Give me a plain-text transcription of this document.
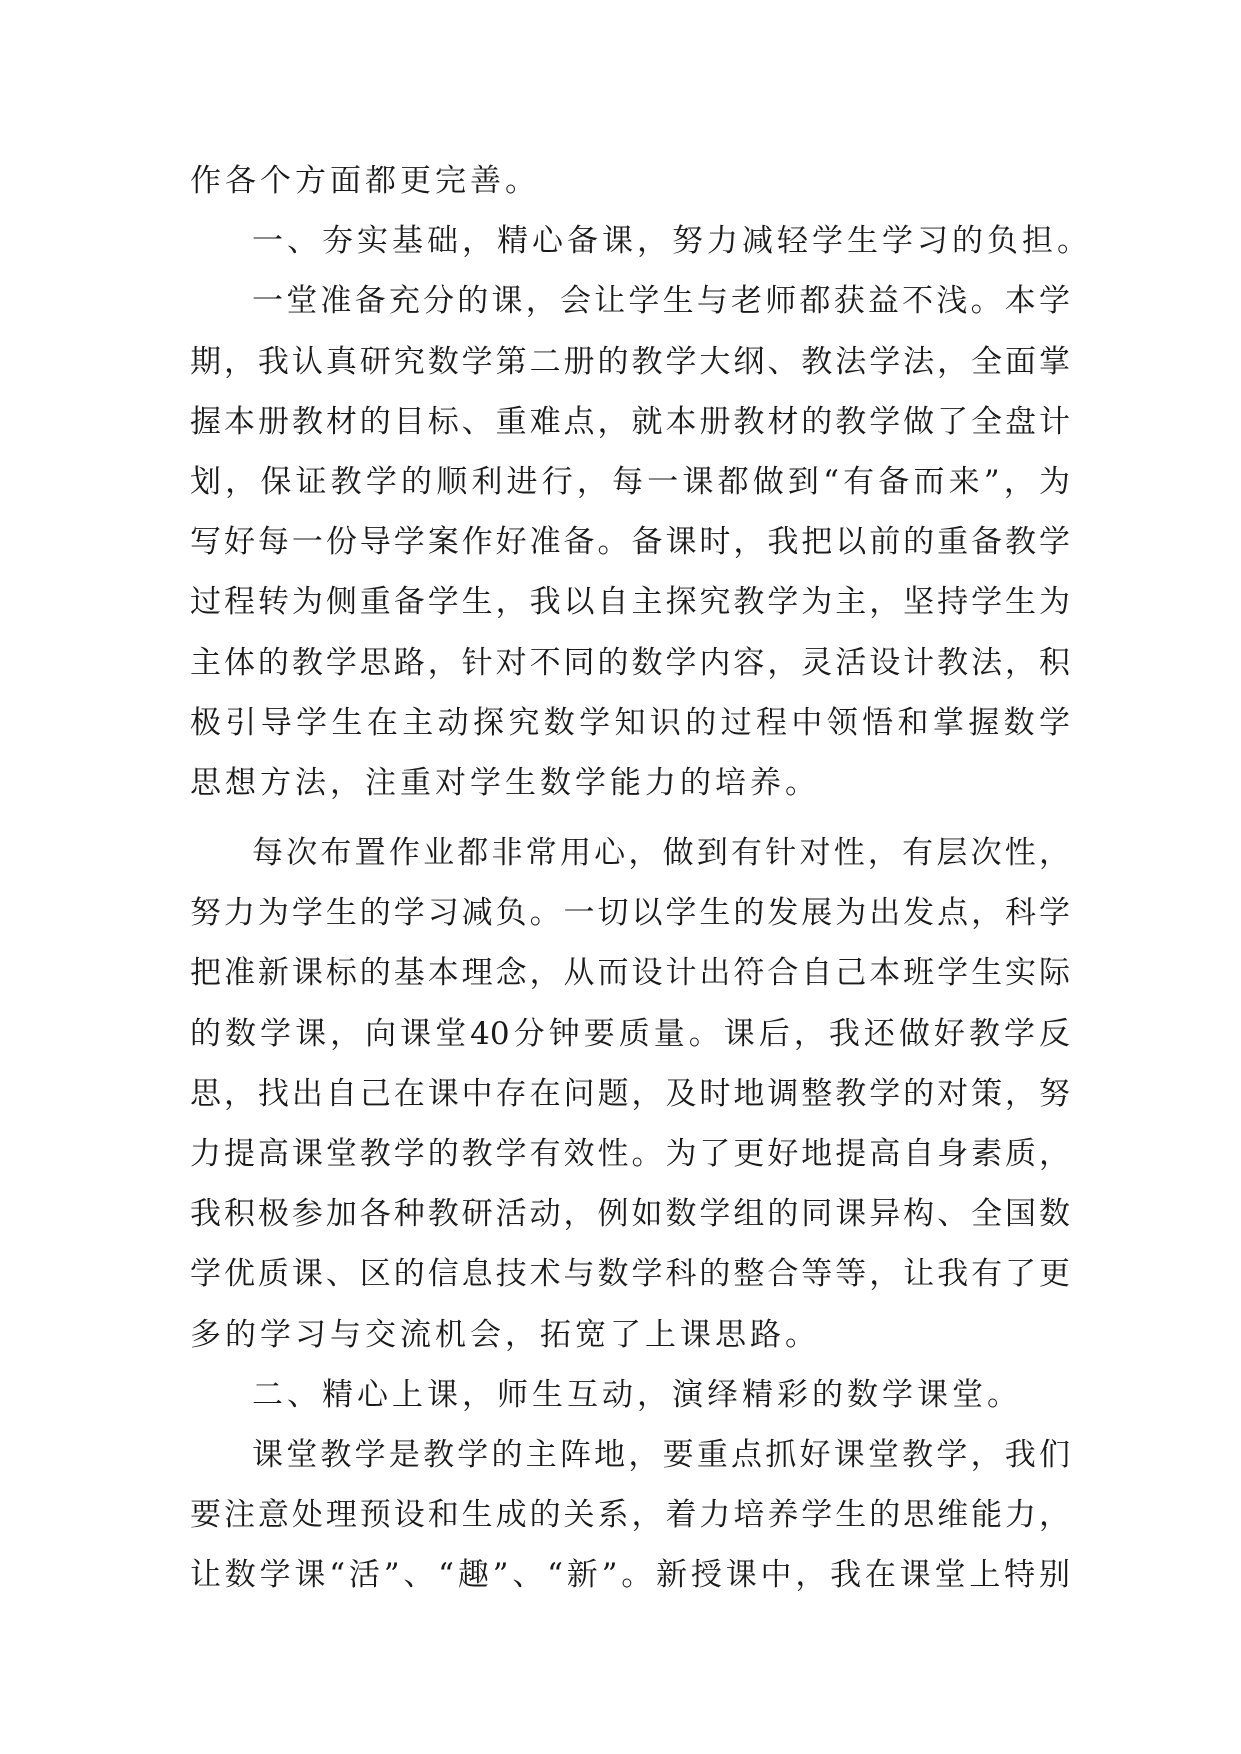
作各个方面都更完善。
一、夯实基础，精心备课，努力减轻学生学习的负担。
一堂准备充分的课，会让学生与老师都获益不浅。本学
期，我认真研究数学第二册的教学大纲、教法学法，全面掌
握本册教材的目标、重难点，就本册教材的教学做了全盘计
划，保证教学的顺利进行，每一课都做到“有备而来”，为
写好每一份导学案作好准备。备课时，我把以前的重备教学
过程转为侧重备学生，我以自主探究教学为主，坚持学生为
主体的教学思路，针对不同的数学内容，灵活设计教法，积
极引导学生在主动探究数学知识的过程中领悟和掌握数学
思想方法，注重对学生数学能力的培养。
每次布置作业都非常用心，做到有针对性，有层次性，
努力为学生的学习减负。一切以学生的发展为出发点，科学
把准新课标的基本理念，从而设计出符合自己本班学生实际
的数学课，向课堂40分钟要质量。课后，我还做好教学反
思，找出自己在课中存在问题，及时地调整教学的对策，努
力提高课堂教学的教学有效性。为了更好地提高自身素质，
我积极参加各种教研活动，例如数学组的同课异构、全国数
学优质课、区的信息技术与数学科的整合等等，让我有了更
多的学习与交流机会，拓宽了上课思路。
二、精心上课，师生互动，演绎精彩的数学课堂。
课堂教学是教学的主阵地，要重点抓好课堂教学，我们
要注意处理预设和生成的关系，着力培养学生的思维能力，
让数学课“活”、“趣”、“新”。新授课中，我在课堂上特别
